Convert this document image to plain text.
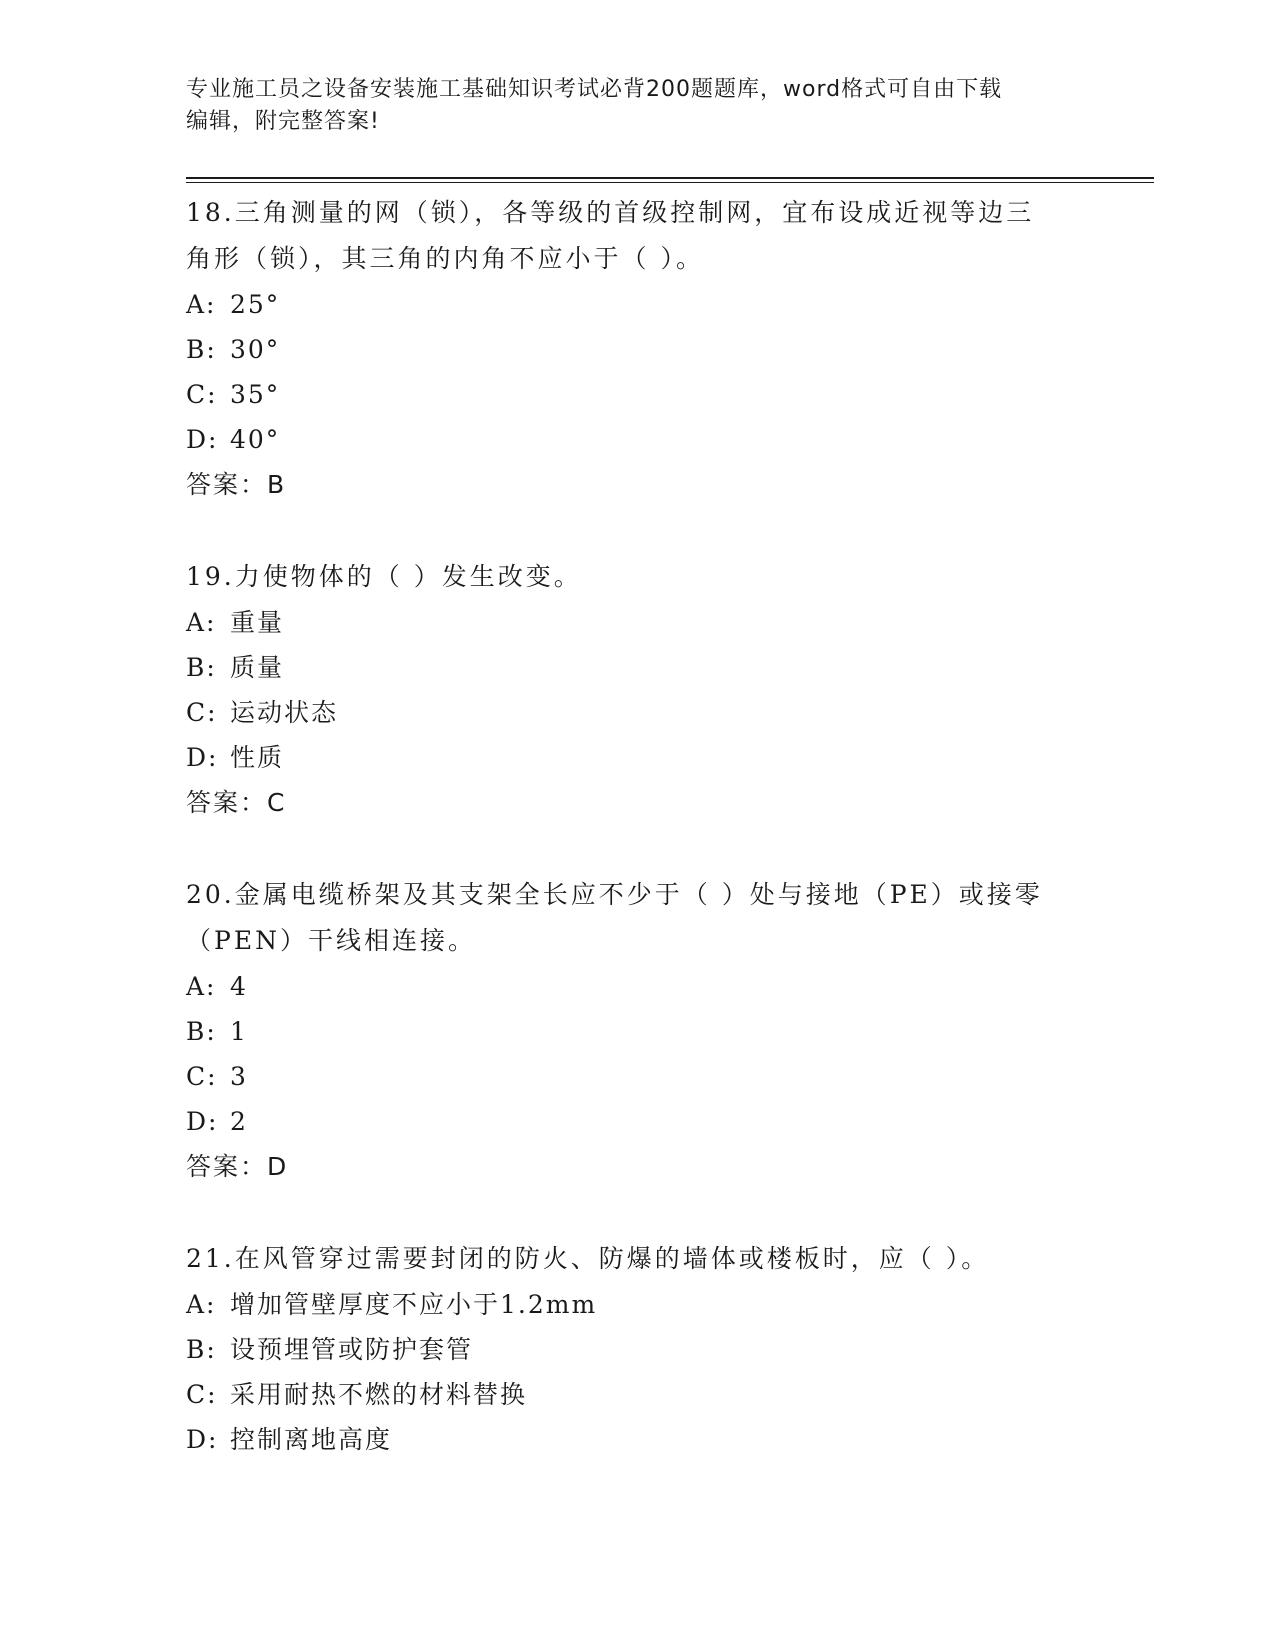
专业施工员之设备安装施工基础知识考试必背200题题库，word格式可自由下载
编辑，附完整答案!

18.三角测量的网（锁），各等级的首级控制网，宜布设成近视等边三

角形（锁），其三角的内角不应小于（ ）。

A: 25°
B: 30°
C: 35°
D: 40°
答案：B

19.力使物体的（ ）发生改变。

A: 重量
B: 质量
C: 运动状态
D: 性质
答案：C

20.金属电缆桥架及其支架全长应不少于（ ）处与接地（PE）或接零

（PEN）干线相连接。

A: 4
B: 1
C: 3
D: 2
答案：D

21.在风管穿过需要封闭的防火、防爆的墙体或楼板时，应（ ）。

A: 增加管壁厚度不应小于1.2mm
B: 设预埋管或防护套管
C: 采用耐热不燃的材料替换
D: 控制离地高度
